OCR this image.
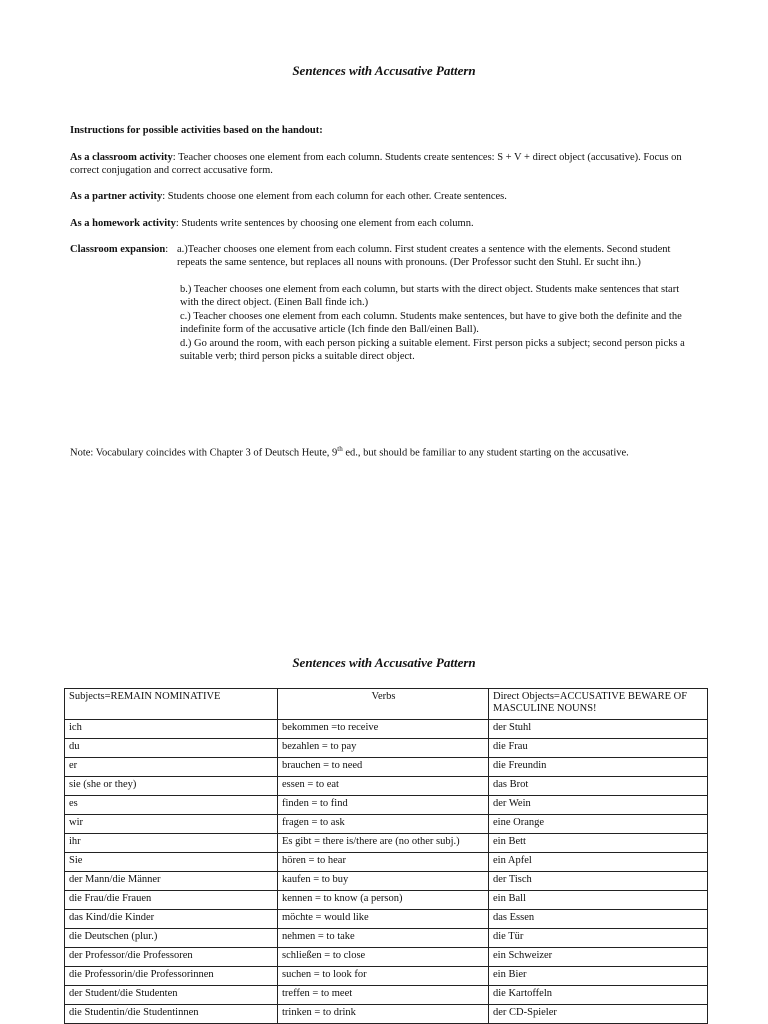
Sentences with Accusative Pattern
Instructions for possible activities based on the handout:
As a classroom activity: Teacher chooses one element from each column. Students create sentences: S + V + direct object (accusative). Focus on correct conjugation and correct accusative form.
As a partner activity: Students choose one element from each column for each other. Create sentences.
As a homework activity: Students write sentences by choosing one element from each column.
Classroom expansion: a.)Teacher chooses one element from each column. First student creates a sentence with the elements. Second student repeats the same sentence, but replaces all nouns with pronouns. (Der Professor sucht den Stuhl. Er sucht ihn.)
b.) Teacher chooses one element from each column, but starts with the direct object. Students make sentences that start with the direct object. (Einen Ball finde ich.)
c.) Teacher chooses one element from each column. Students make sentences, but have to give both the definite and the indefinite form of the accusative article (Ich finde den Ball/einen Ball).
d.) Go around the room, with each person picking a suitable element. First person picks a subject; second person picks a suitable verb; third person picks a suitable direct object.
Note: Vocabulary coincides with Chapter 3 of Deutsch Heute, 9th ed., but should be familiar to any student starting on the accusative.
Sentences with Accusative Pattern
Subjects=REMAIN NOMINATIVE	Verbs	Direct Objects=ACCUSATIVE BEWARE OF MASCULINE NOUNS!
ich	bekommen =to receive	der Stuhl
du	bezahlen = to pay	die Frau
er	brauchen = to need	die Freundin
sie (she or they)	essen = to eat	das Brot
es	finden = to find	der Wein
wir	fragen = to ask	eine Orange
ihr	Es gibt = there is/there are (no other subj.)	ein Bett
Sie	hören = to hear	ein Apfel
der Mann/die Männer	kaufen = to buy	der Tisch
die Frau/die Frauen	kennen = to know (a person)	ein Ball
das Kind/die Kinder	möchte = would like	das Essen
die Deutschen (plur.)	nehmen = to take	die Tür
der Professor/die Professoren	schließen = to close	ein Schweizer
die Professorin/die Professorinnen	suchen = to look for	ein Bier
der Student/die Studenten	treffen = to meet	die Kartoffeln
die Studentin/die Studentinnen	trinken = to drink	der CD-Spieler
